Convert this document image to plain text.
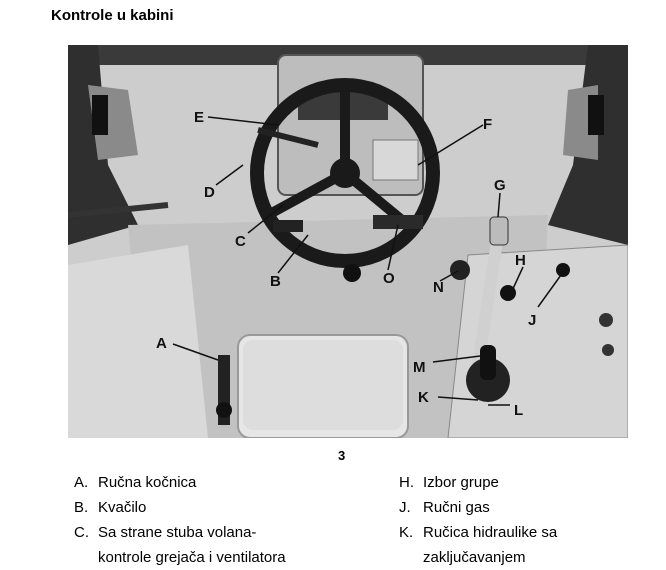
Kontrole u kabini
E	F
D	G
C
B	O
N
H
J
A
M
K
L
3
A. Ručna kočnica
B. Kvačilo
C. Sa strane stuba volana-
kontrole grejača i ventilatora
H. Izbor grupe
J. Ručni gas
K. Ručica hidraulike sa
zaključavanjem
